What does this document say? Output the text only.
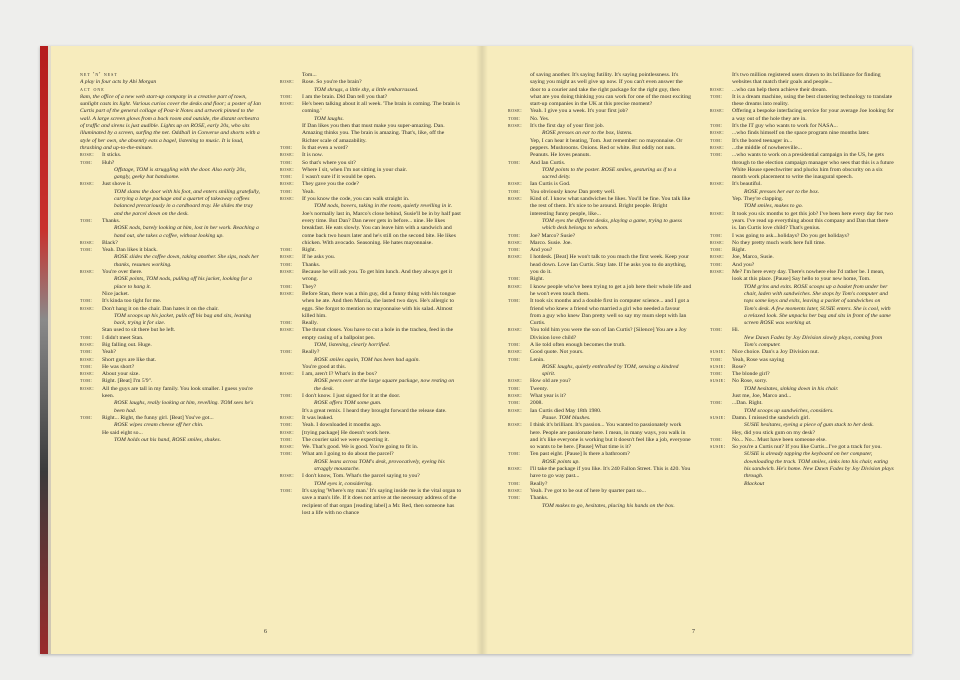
net 'n' nest

A play in four acts by Abi Morgan

act one

8am, the office of a new web start-up company in a creative part of town, sunlight casts its light. Various curios cover the desks and floor; a poster of Ian Curtis part of the general collage of Post-it Notes and artwork pinned to the wall. A large screen glows from a back room and outside, the distant orchestra of traffic and sirens is just audible. Lights up on ROSE, early 20s, who sits illuminated by a screen, surfing the net. Oddball in Converse and shorts with a style of her own, she absently eats a bagel, listening to music. It is loud, thrashing and up-to-the-minute.

rose:	It sticks.
tom:	Huh?

Offstage, TOM is struggling with the door. Also early 20s, gangly, geeky but handsome.

rose:	Just shove it.

TOM slams the door with his foot, and enters smiling gratefully, carrying a large package and a quartet of takeaway coffees balanced precariously in a cardboard tray. He slides the tray and the parcel down on the desk.

tom:	Thanks.

ROSE nods, barely looking at him, lost in her work. Reaching a hand out, she takes a coffee, without looking up.

rose:	Black?
tom:	Yeah. Dan likes it black.

ROSE slides the coffee down, taking another. She sips, nods her thanks, resumes working.

rose:	You're over there.

ROSE points, TOM nods, pulling off his jacket, looking for a place to hang it.

Nice jacket.

tom:	It's kinda too tight for me.
rose:	Don't hang it on the chair. Dan hates it on the chair.

TOM scoops up his jacket, pulls off his bag and sits, leaning back, trying it for size.

Stan used to sit there but he left.

tom:	I didn't meet Stan.
rose:	Big falling out. Huge.
tom:	Yeah?
rose:	Short guys are like that.
tom:	He was short?
rose:	About your size.
tom:	Right. [Beat] I'm 5'9".
rose:	All the guys are tall in my family. You look smaller. I guess you're keen.

ROSE laughs, really looking at him, revelling. TOM sees he's been had.

tom:	Right... Right, the funny girl. [Beat] You've got...

ROSE wipes cream cheese off her chin.

He said eight so...

TOM holds out his hand, ROSE smiles, shakes.

Tom...

rose:	Rose. So you're the brain?

TOM shrugs, a little shy, a little embarrassed.

tom:	I am the brain. Did Dan tell you that?
rose:	He's been talking about it all week. 'The brain is coming. The brain is coming.'

TOM laughs.

If Dan likes you then that must make you super-amazing. Dan. Amazing thinks you. The brain is amazing. That's, like, off the Richter scale of amazability.

tom:	Is that even a word?
rose:	It is now.
tom:	So that's where you sit?
rose:	Where I sit, when I'm not sitting in your chair.
tom:	I wasn't sure if it would be open.
rose:	They gave you the code?
tom:	Yeah.
rose:	If you know the code, you can walk straight in.

TOM nods, hovers, taking in the room, quietly revelling in it.

Joe's normally last in, Marco's close behind, Susie'll be in by half past every time. But Dan? Dan never gets in before... nine. He likes breakfast. He eats slowly. You can leave him with a sandwich and come back two hours later and he's still on the second bite. He likes chicken. With avocado. Seasoning. He hates mayonnaise.

tom:	Right.
rose:	If he asks you.
tom:	Thanks.
rose:	Because he will ask you. To get him lunch. And they always get it wrong.
tom:	They?
rose:	Before Stan, there was a thin guy, did a funny thing with his tongue when he ate. And then Marcia, she lasted two days. He's allergic to eggs. She forgot to mention no mayonnaise with his salad. Almost killed him.
tom:	Really.
rose:	The throat closes. You have to cut a hole in the trachea, feed in the empty casing of a ballpoint pen.

TOM, listening, clearly horrified.

tom:	Really?

ROSE smiles again, TOM has been had again.

You're good at this.

rose:	I am, aren't I? What's in the box?

ROSE peers over at the large square package, now resting on the desk.

tom:	I don't know. I just signed for it at the door.

ROSE offers TOM some gum.

It's a great remix. I heard they brought forward the release date.

rose:	It was leaked.
tom:	Yeah. I downloaded it months ago.
rose:	[trying package] He doesn't work here.
tom:	The courier said we were expecting it.
rose:	We. That's good. We is good. You're going to fit in.
tom:	What am I going to do about the parcel?

ROSE leans across TOM's desk, provocatively, eyeing his straggly moustache.

rose:	I don't know, Tom. What's the parcel saying to you?

TOM eyes it, considering.

tom:	It's saying 'Where's my man.' It's saying inside me is the vital organ to save a man's life. If it does not arrive at the necessary address of the recipient of that organ [reading label] a Mr. Red, then someone has lost a life with no chance

of saving another. It's saying futility. It's saying pointlessness. It's saying you might as well give up now. If you can't even answer the door to a courier and take the right package for the right guy, then what are you doing thinking you can work for one of the most exciting start-up companies in the UK at this precise moment?

rose:	Yeah. I give you a week. It's your first job?
tom:	No. Yes.
rose:	It's the first day of your first job.

ROSE presses an ear to the box, listens.

Yep, I can hear it beating, Tom. Just remember: no mayonnaise. Or peppers. Mushrooms. Onions. Red or white. But oddly not nuts. Peanuts. He loves peanuts.

tom:	And Ian Curtis.

TOM points to the poster. ROSE smiles, gesturing as if to a sacred deity.

rose:	Ian Curtis is God.
tom:	You obviously know Dan pretty well.
rose:	Kind of. I know what sandwiches he likes. You'll be fine. You talk like the rest of them. It's nice to be around. Bright people. Bright interesting funny people, like...

TOM eyes the different desks, playing a game, trying to guess which desk belongs to whom.

tom:	Joe? Marco? Susie?
rose:	Marco. Susie. Joe.
tom:	And you?
rose:	I hotdesk. [Beat] He won't talk to you much the first week. Keep your head down. Love Ian Curtis. Stay late. If he asks you to do anything, you do it.
tom:	Right.
rose:	I know people who've been trying to get a job here their whole life and he won't even touch them.
tom:	It took six months and a double first in computer science... and I got a friend who knew a friend who married a girl who needed a favour from a guy who knew Dan pretty well so say my mum slept with Ian Curtis.
rose:	You told him you were the son of Ian Curtis? [Silence] You are a Joy Division love child?
tom:	A lie told often enough becomes the truth.
rose:	Good quote. Not yours.
tom:	Lenin.

ROSE laughs, quietly enthralled by TOM, sensing a kindred spirit.

rose:	How old are you?
tom:	Twenty.
rose:	What year is it?
tom:	2008.
rose:	Ian Curtis died May 18th 1980.

Pause. TOM blushes.

rose:	I think it's brilliant. It's passion... You wanted to passionately work here. People are passionate here. I mean, in many ways, you walk in and it's like everyone is working but it doesn't feel like a job, everyone so wants to be here. [Pause] What time is it?
tom:	Ten past eight. [Pause] Is there a bathroom?

ROSE points up.

rose:	I'll take the package if you like. It's 240 Fallon Street. This is 420. You have to go way past...
tom:	Really?
rose:	Yeah. I've got to be out of here by quarter past so...
tom:	Thanks.

TOM makes to go, hesitates, placing his hands on the box.

It's two million registered users drawn to its brilliance for finding websites that match their goals and people...

rose:	...who can help them achieve their dream.
tom:	It is a dream machine, using the best clustering technology to translate these dreams into reality.
rose:	Offering a bespoke interfacing service for your average Joe looking for a way out of the hole they are in.
tom:	It's the IT guy who wants to work for NASA...
rose:	...who finds himself on the space program nine months later.
tom:	It's the bored teenager in...
rose:	...the middle of nowhereville...
tom:	...who wants to work on a presidential campaign in the US, he gets through to the election campaign manager who sees that this is a future White House speechwriter and plucks him from obscurity on a six month work placement to write the inaugural speech.
rose:	It's beautiful.

ROSE presses her ear to the box.

Yep. They're clapping.

TOM smiles, makes to go.

rose:	It took you six months to get this job? I've been here every day for two years. I've read up everything about this company and Dan that there is. Ian Curtis love child? That's genius.
tom:	I was going to ask...holidays? Do you get holidays?
rose:	No they pretty much work here full time.
tom:	Right.
rose:	Joe, Marco, Susie.
tom:	And you?
rose:	Me? I'm here every day. There's nowhere else I'd rather be. I mean, look at this place. [Pause] Say hello to your new home, Tom.

TOM grins and exits. ROSE scoops up a basket from under her chair, laden with sandwiches. She stops by Tom's computer and tops some keys and exits, leaving a packet of sandwiches on Tom's desk. A few moments later, SUSIE enters. She is cool, with a relaxed look. She unpacks her bag and sits in front of the same screen ROSE was working at.

tom:	Hi.

New Dawn Fades by Joy Division slowly plays, coming from Tom's computer.

susie:	Nice choice. Dan's a Joy Division nut.
tom:	Yeah, Rose was saying
susie:	Rose?
tom:	The blonde girl?
susie:	No Rose, sorry.

TOM hesitates, sinking down in his chair.

Just me, Joe, Marco and...

tom:	...Dan. Right.

TOM scoops up sandwiches, considers.

susie:	Damn. I missed the sandwich girl.

SUSIE hesitates, eyeing a piece of gum stuck to her desk.

Hey, did you stick gum on my desk?

tom:	No... No... Must have been someone else.
susie:	So you're a Curtis nut? If you like Curtis...I've got a track for you.

SUSIE is already tapping the keyboard on her computer, downloading the track. TOM smiles, sinks into his chair, eating his sandwich. He's home. New Dawn Fades by Joy Division plays through.

Blackout

6	7
